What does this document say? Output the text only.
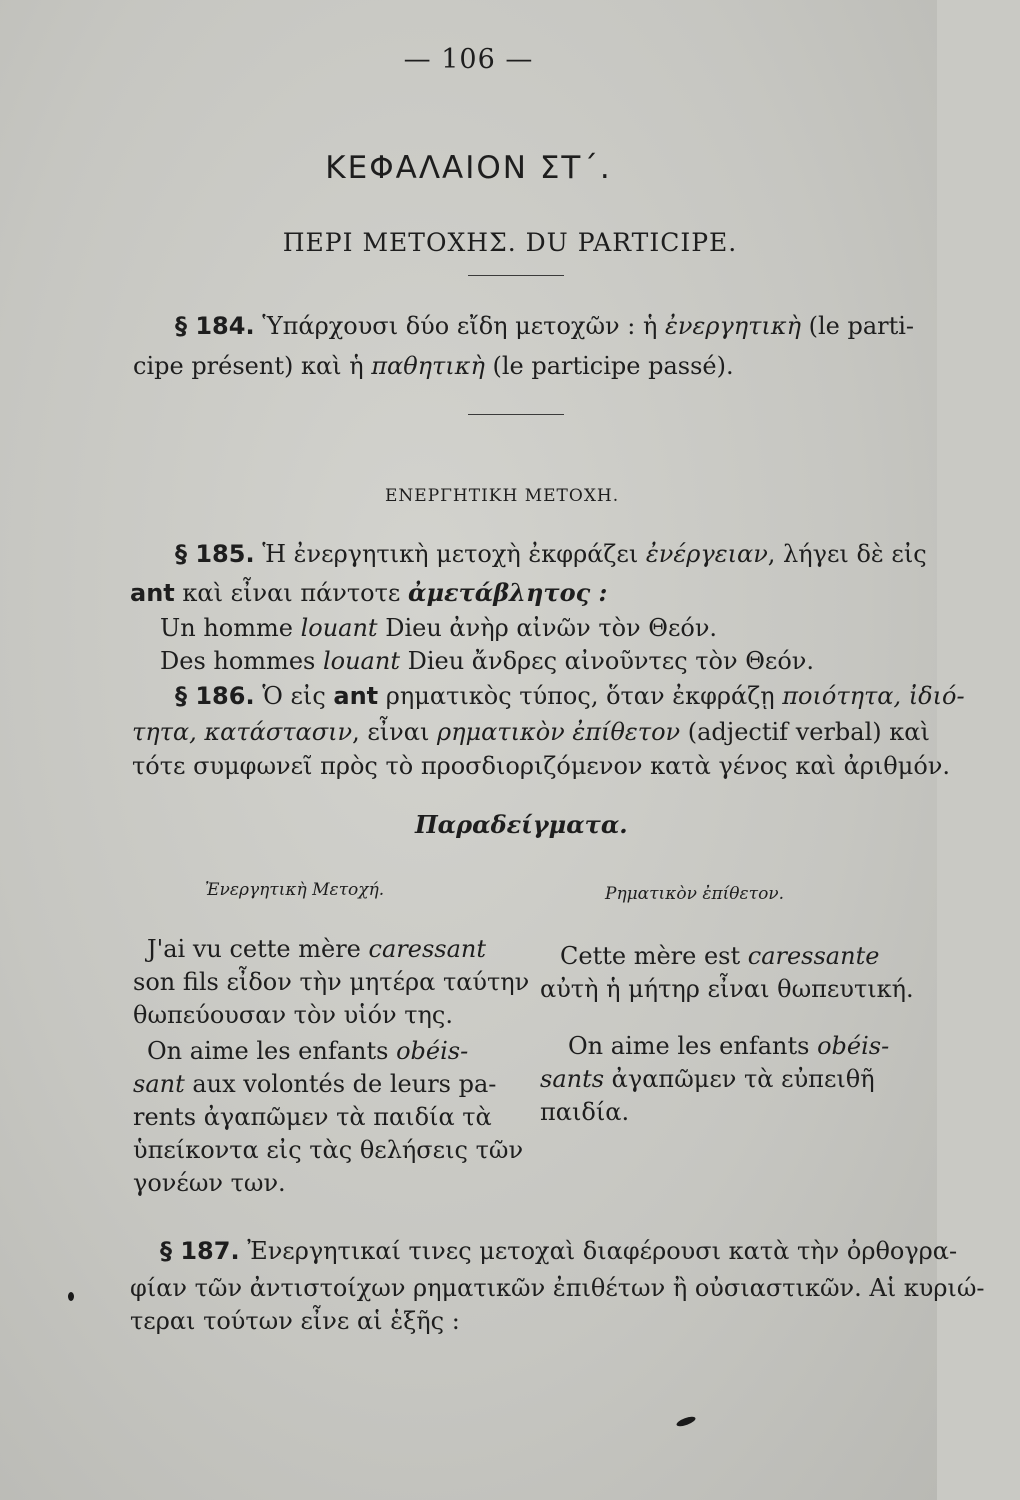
— 106 —
ΚΕΦΑΛΑΙΟΝ ΣΤ΄.
ΠΕΡΙ ΜΕΤΟΧΗΣ. DU PARTICIPE.
§ 184. Ὑπάρχουσι δύο εἴδη μετοχῶν : ἡ ἐνεργητικὴ (le parti-
cipe présent) καὶ ἡ παθητικὴ (le participe passé).
ΕΝΕΡΓΗΤΙΚΗ ΜΕΤΟΧΗ.
§ 185. Ἡ ἐνεργητικὴ μετοχὴ ἐκφράζει ἐνέργειαν, λήγει δὲ εἰς
ant καὶ εἶναι πάντοτε ἀμετάβλητος :
Un homme louant Dieu ἀνὴρ αἰνῶν τὸν Θεόν.
Des hommes louant Dieu ἄνδρες αἰνοῦντες τὸν Θεόν.
§ 186. Ὁ εἰς ant ρηματικὸς τύπος, ὅταν ἐκφράζῃ ποιότητα, ἰδιό-
τητα, κατάστασιν, εἶναι ρηματικὸν ἐπίθετον (adjectif verbal) καὶ
τότε συμφωνεῖ πρὸς τὸ προσδιοριζόμενον κατὰ γένος καὶ ἀριθμόν.
Παραδείγματα.
Ἐνεργητικὴ Μετοχή.
J'ai vu cette mère caressant
son fils εἶδον τὴν μητέρα ταύτην
θωπεύουσαν τὸν υἱόν της.
On aime les enfants obéis-
sant aux volontés de leurs pa-
rents ἀγαπῶμεν τὰ παιδία τὰ
ὑπείκοντα εἰς τὰς θελήσεις τῶν
γονέων των.
Ρηματικὸν ἐπίθετον.
Cette mère est caressante
αὐτὴ ἡ μήτηρ εἶναι θωπευτική.
On aime les enfants obéis-
sants ἀγαπῶμεν τὰ εὐπειθῆ
παιδία.
§ 187. Ἐνεργητικαί τινες μετοχαὶ διαφέρουσι κατὰ τὴν ὀρθογρα-
φίαν τῶν ἀντιστοίχων ρηματικῶν ἐπιθέτων ἢ οὐσιαστικῶν. Αἱ κυριώ-
τεραι τούτων εἶνε αἱ ἑξῆς :
